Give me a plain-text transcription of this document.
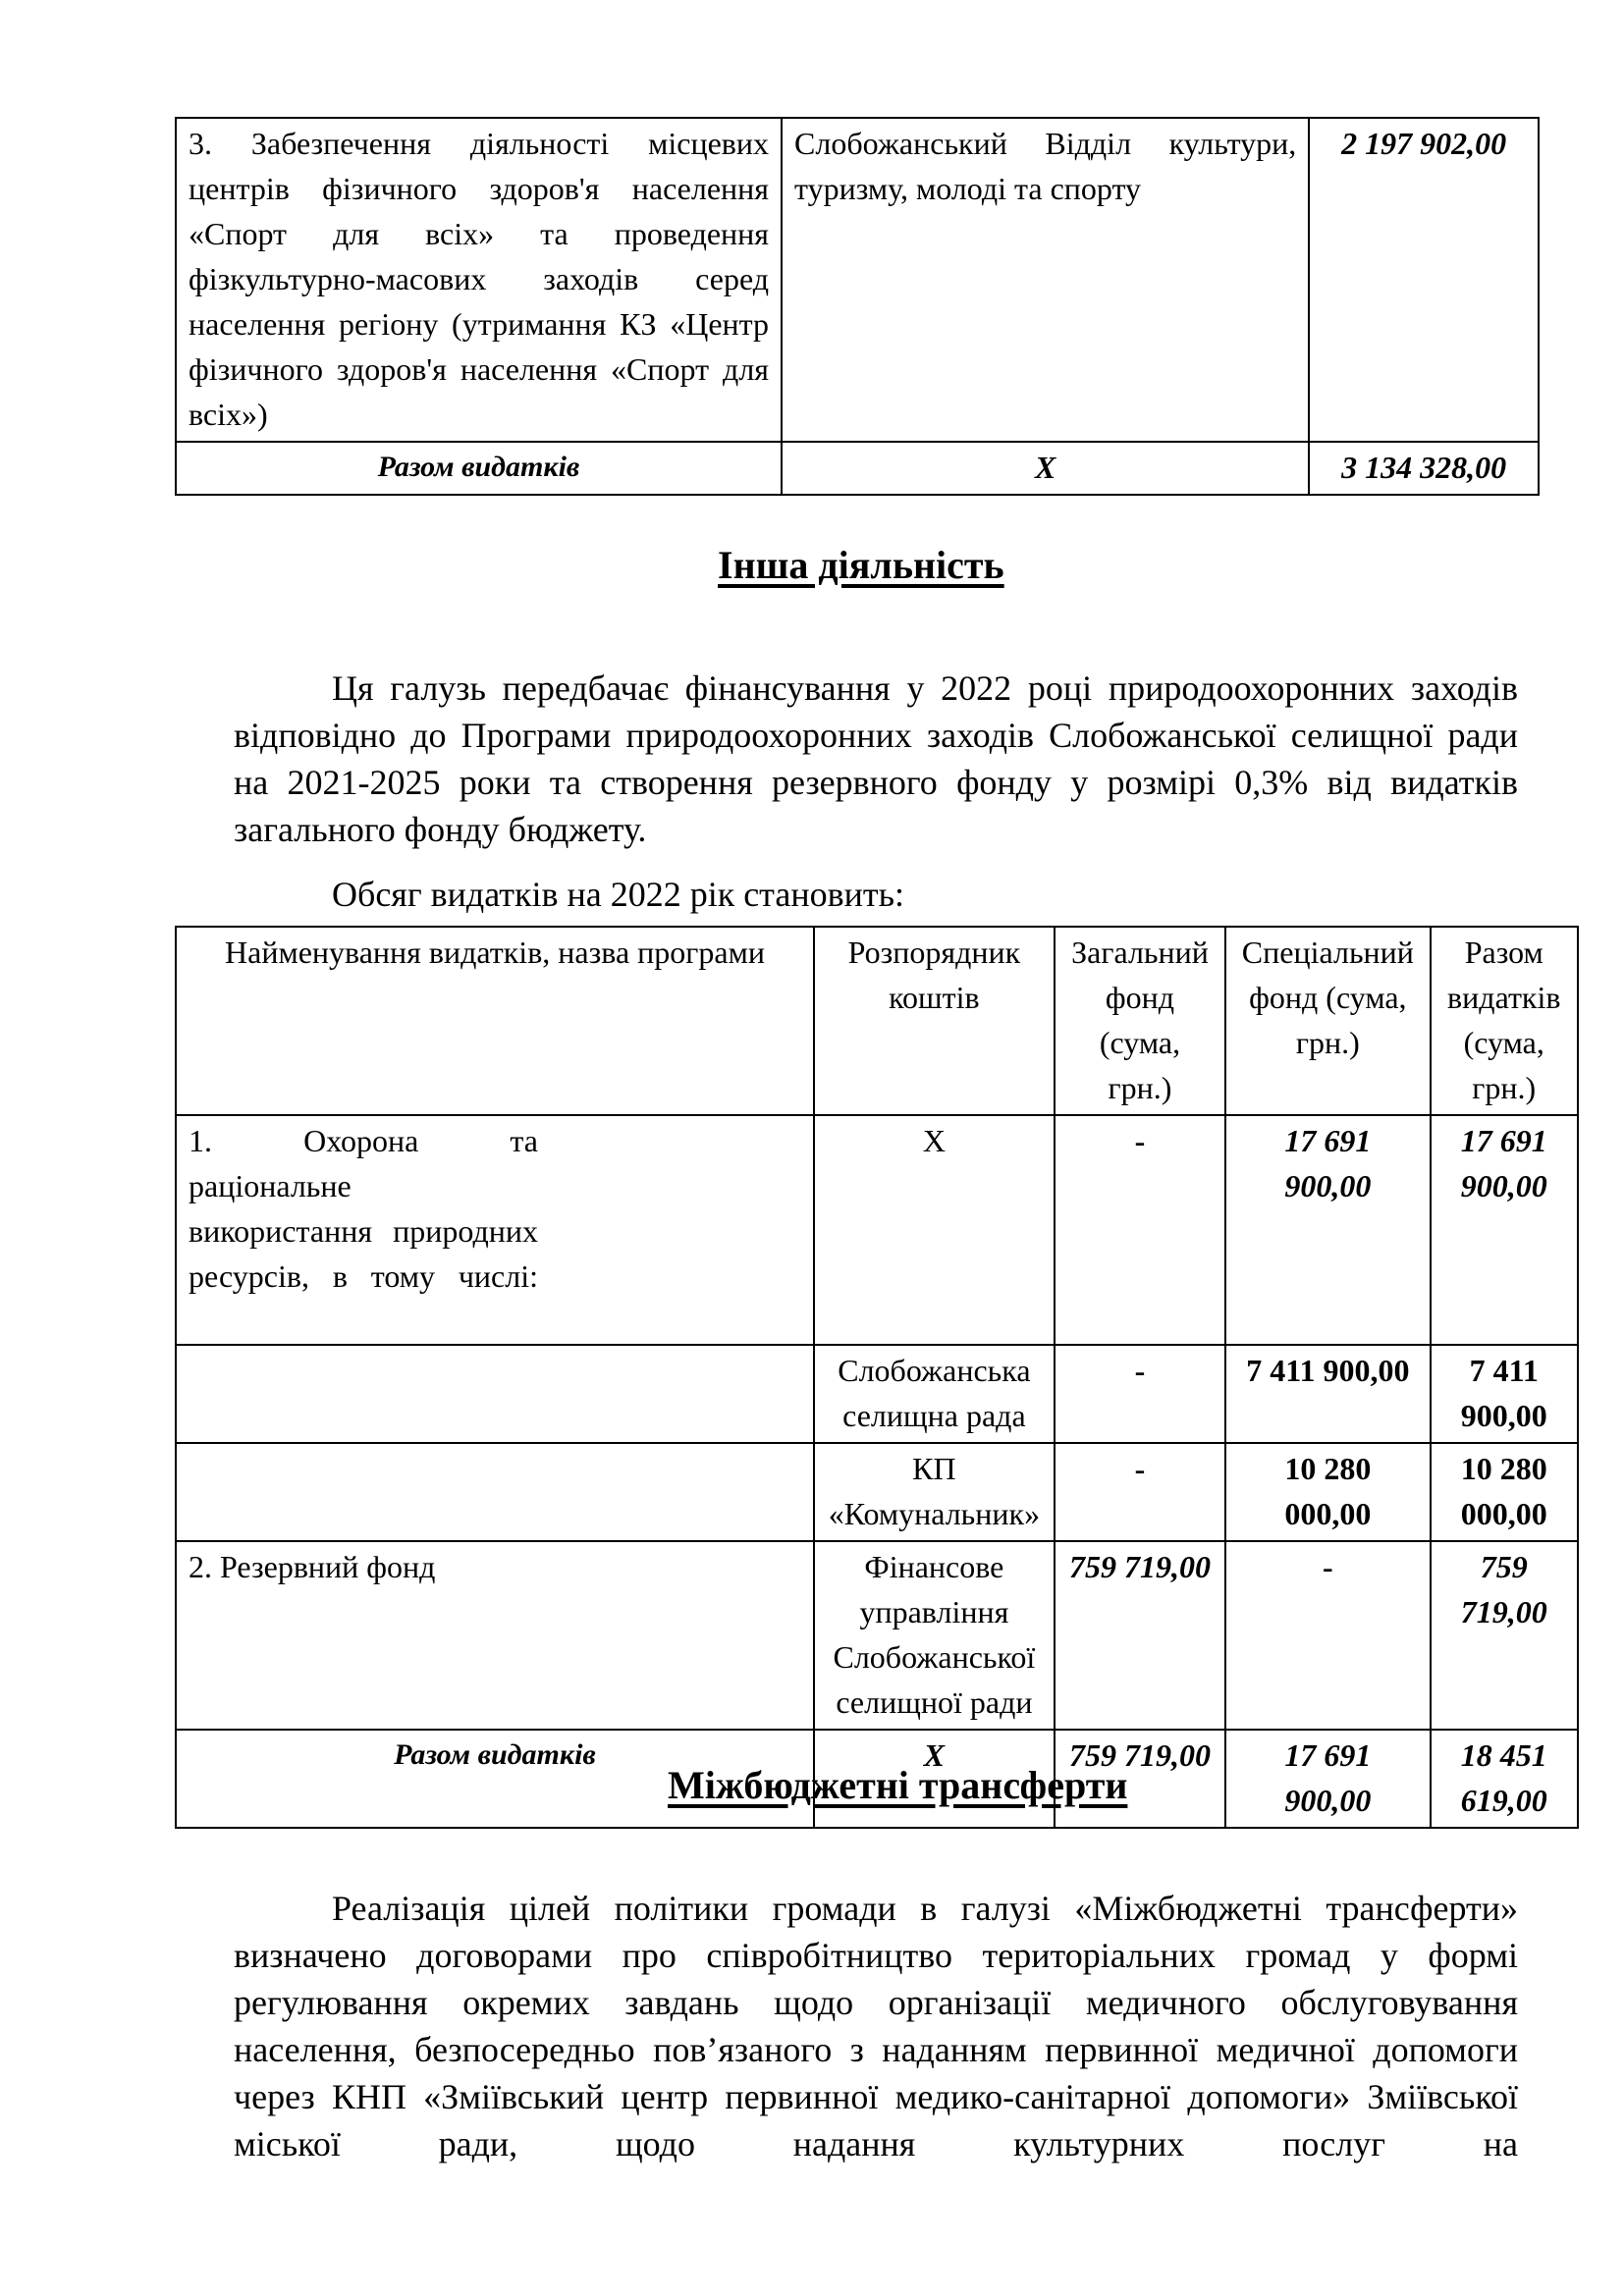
3. Забезпечення діяльності місцевих центрів фізичного здоров'я населення «Спорт для всіх» та проведення фізкультурно-масових заходів серед населення регіону (утримання КЗ «Центр фізичного здоров'я населення «Спорт для всіх»)	Слобожанський Відділ культури, туризму, молоді та спорту	2 197 902,00
Разом видатків	Х	3 134 328,00
Інша діяльність

Ця галузь передбачає фінансування у 2022 році природоохоронних заходів відповідно до Програми природоохоронних заходів Слобожанської селищної ради на 2021-2025 роки та створення резервного фонду у розмірі 0,3% від видатків загального фонду бюджету.

Обсяг видатків на 2022 рік становить:

Найменування видатків, назва програми	Розпорядник коштів	Загальний фонд (сума, грн.)	Спеціальний фонд (сума, грн.)	Разом видатків (сума, грн.)

1. Охорона та раціональне використання природних ресурсів, в тому числі:	Х	-	17 691 900,00	17 691 900,00
	Слобожанська селищна рада	-	7 411 900,00	7 411 900,00
	КП «Комунальник»	-	10 280 000,00	10 280 000,00
2. Резервний фонд	Фінансове управління Слобожанської селищної ради	759 719,00	-	759 719,00
Разом видатків	Х	759 719,00	17 691 900,00	18 451 619,00
Міжбюджетні трансферти

Реалізація цілей політики громади в галузі «Міжбюджетні трансферти» визначено договорами про співробітництво територіальних громад у формі регулювання окремих завдань щодо організації медичного обслуговування населення, безпосередньо пов’язаного з наданням первинної медичної допомоги через КНП «Зміївський центр первинної медико-санітарної допомоги» Зміївської міської ради, щодо надання культурних послуг на
